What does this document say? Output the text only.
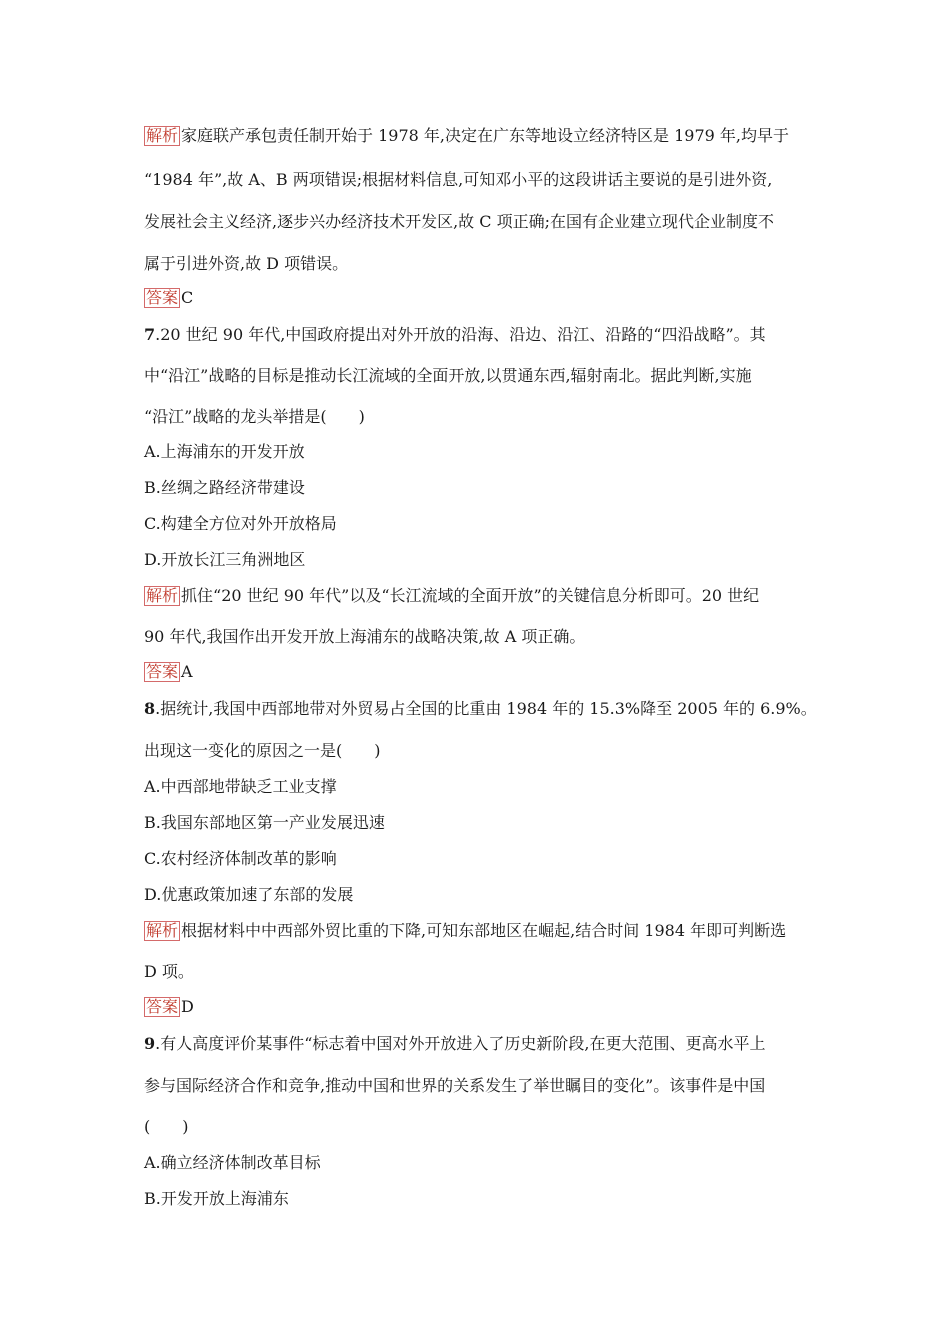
解析 家庭联产承包责任制开始于 1978 年,决定在广东等地设立经济特区是 1979 年,均早于
“1984 年”,故 A、B 两项错误;根据材料信息,可知邓小平的这段讲话主要说的是引进外资,
发展社会主义经济,逐步兴办经济技术开发区,故 C 项正确;在国有企业建立现代企业制度不
属于引进外资,故 D 项错误。
答案 C
7.20 世纪 90 年代,中国政府提出对外开放的沿海、沿边、沿江、沿路的“四沿战略”。其
中“沿江”战略的目标是推动长江流域的全面开放,以贯通东西,辐射南北。据此判断,实施
“沿江”战略的龙头举措是(　　)
A.上海浦东的开发开放
B.丝绸之路经济带建设
C.构建全方位对外开放格局
D.开放长江三角洲地区
解析 抓住“20 世纪 90 年代”以及“长江流域的全面开放”的关键信息分析即可。20 世纪
90 年代,我国作出开发开放上海浦东的战略决策,故 A 项正确。
答案 A
8.据统计,我国中西部地带对外贸易占全国的比重由 1984 年的 15.3%降至 2005 年的 6.9%。
出现这一变化的原因之一是(　　)
A.中西部地带缺乏工业支撑
B.我国东部地区第一产业发展迅速
C.农村经济体制改革的影响
D.优惠政策加速了东部的发展
解析 根据材料中中西部外贸比重的下降,可知东部地区在崛起,结合时间 1984 年即可判断选
D 项。
答案 D
9.有人高度评价某事件“标志着中国对外开放进入了历史新阶段,在更大范围、更高水平上
参与国际经济合作和竞争,推动中国和世界的关系发生了举世瞩目的变化”。该事件是中国
(　　)
A.确立经济体制改革目标
B.开发开放上海浦东
